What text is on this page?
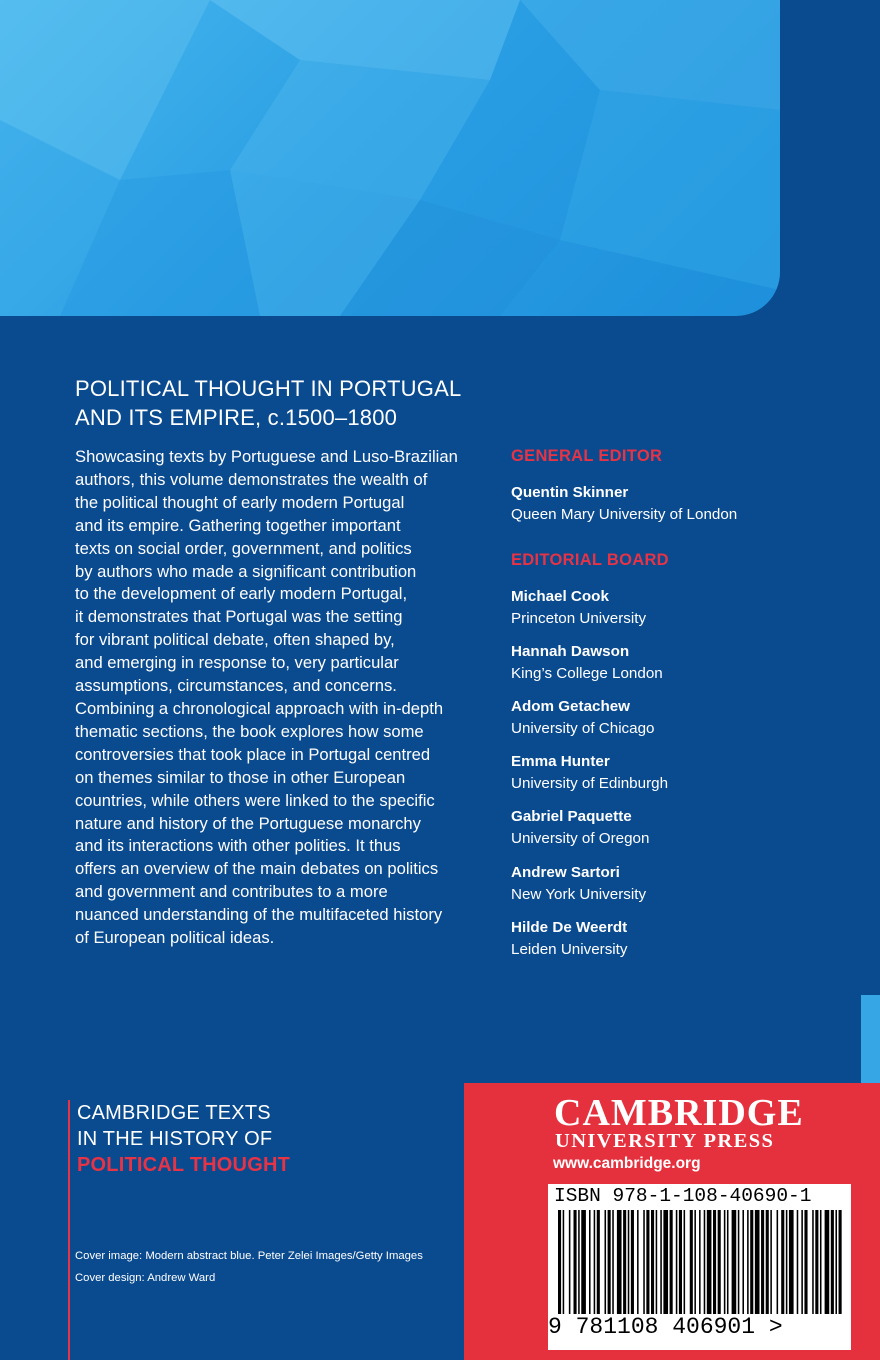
POLITICAL THOUGHT IN PORTUGAL
AND ITS EMPIRE, c.1500–1800
Showcasing texts by Portuguese and Luso-Brazilian
authors, this volume demonstrates the wealth of
the political thought of early modern Portugal
and its empire. Gathering together important
texts on social order, government, and politics
by authors who made a significant contribution
to the development of early modern Portugal,
it demonstrates that Portugal was the setting
for vibrant political debate, often shaped by,
and emerging in response to, very particular
assumptions, circumstances, and concerns.
Combining a chronological approach with in-depth
thematic sections, the book explores how some
controversies that took place in Portugal centred
on themes similar to those in other European
countries, while others were linked to the specific
nature and history of the Portuguese monarchy
and its interactions with other polities. It thus
offers an overview of the main debates on politics
and government and contributes to a more
nuanced understanding of the multifaceted history
of European political ideas.
GENERAL EDITOR
Quentin Skinner
Queen Mary University of London
EDITORIAL BOARD
Michael Cook
Princeton University
Hannah Dawson
King’s College London
Adom Getachew
University of Chicago
Emma Hunter
University of Edinburgh
Gabriel Paquette
University of Oregon
Andrew Sartori
New York University
Hilde De Weerdt
Leiden University
CAMBRIDGE TEXTS
IN THE HISTORY OF
POLITICAL THOUGHT
Cover image: Modern abstract blue. Peter Zelei Images/Getty Images
Cover design: Andrew Ward
CAMBRIDGE
UNIVERSITY PRESS
www.cambridge.org
ISBN 978-1-108-40690-1
9 781108 406901 >
